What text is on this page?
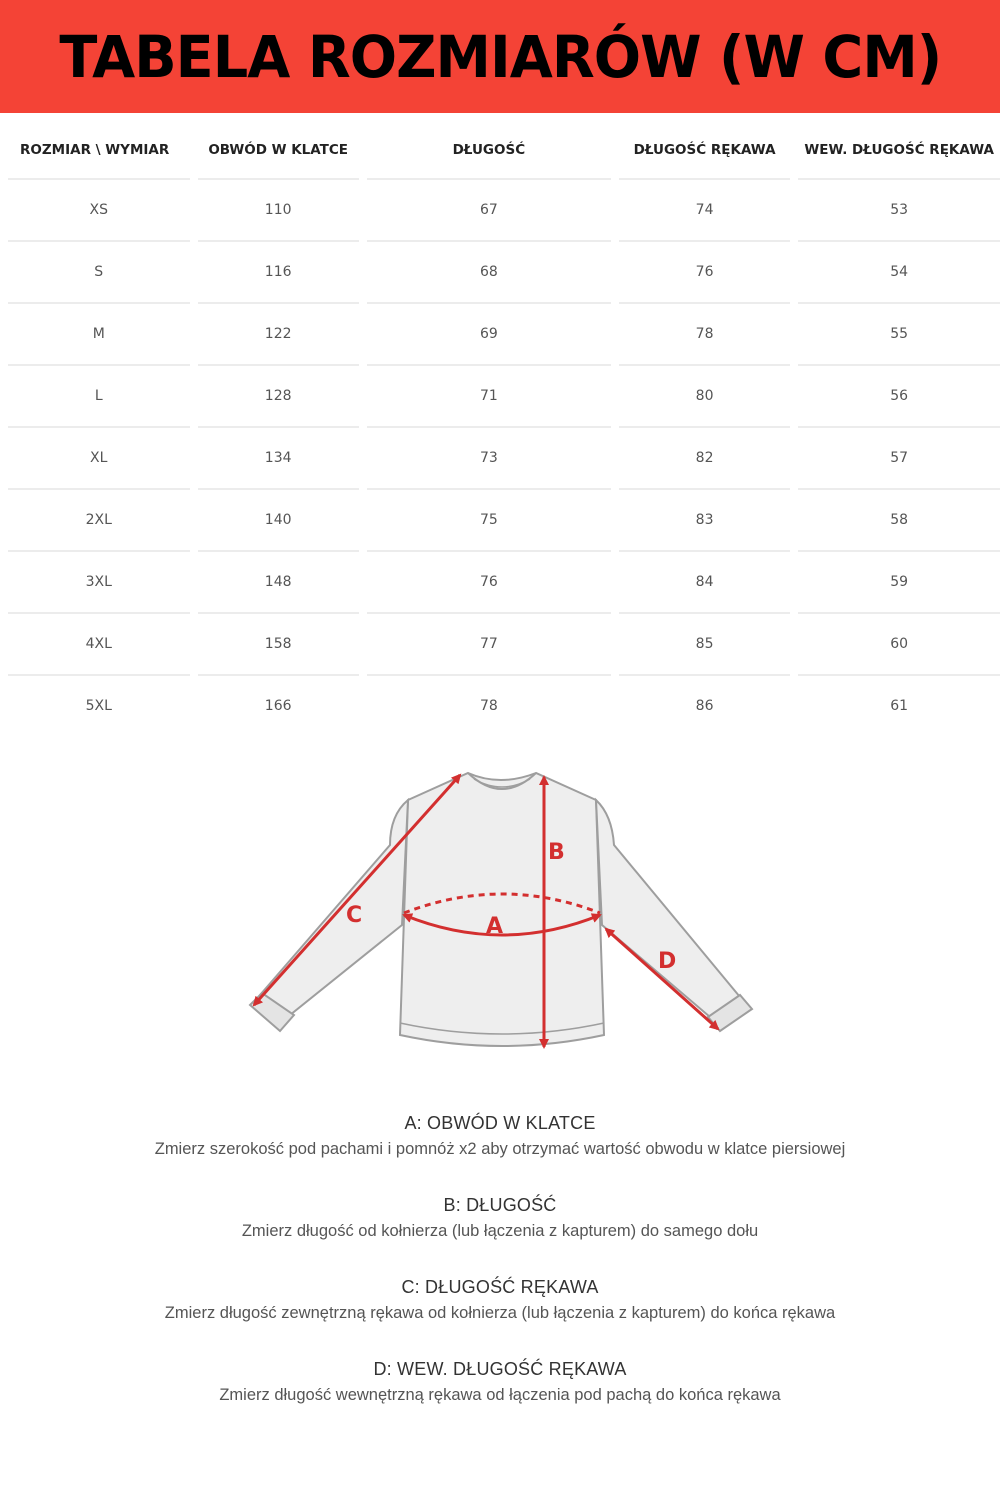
TABELA ROZMIARÓW (W CM)
ROZMIAR \ WYMIAR	OBWÓD W KLATCE	DŁUGOŚĆ	DŁUGOŚĆ RĘKAWA	WEW. DŁUGOŚĆ RĘKAWA
XS	110	67	74	53
S	116	68	76	54
M	122	69	78	55
L	128	71	80	56
XL	134	73	82	57
2XL	140	75	83	58
3XL	148	76	84	59
4XL	158	77	85	60
5XL	166	78	86	61
A
B
C
D
A: OBWÓD W KLATCE
Zmierz szerokość pod pachami i pomnóż x2 aby otrzymać wartość obwodu w klatce piersiowej
B: DŁUGOŚĆ
Zmierz długość od kołnierza (lub łączenia z kapturem) do samego dołu
C: DŁUGOŚĆ RĘKAWA
Zmierz długość zewnętrzną rękawa od kołnierza (lub łączenia z kapturem) do końca rękawa
D: WEW. DŁUGOŚĆ RĘKAWA
Zmierz długość wewnętrzną rękawa od łączenia pod pachą do końca rękawa
